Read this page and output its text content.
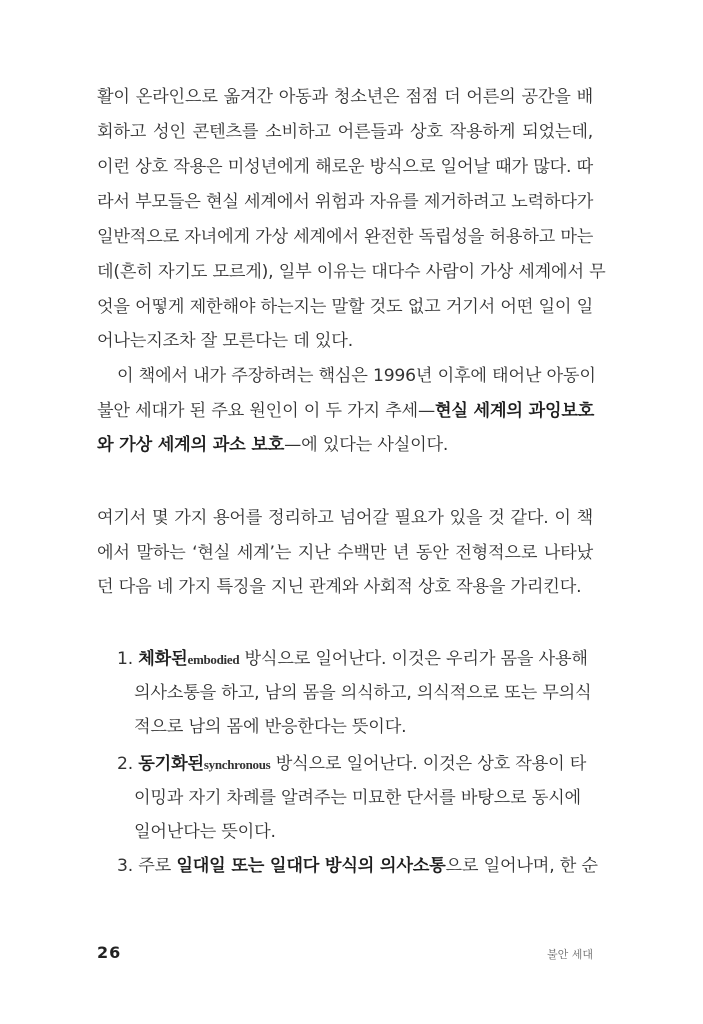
활이 온라인으로 옮겨간 아동과 청소년은 점점 더 어른의 공간을 배
회하고 성인 콘텐츠를 소비하고 어른들과 상호 작용하게 되었는데,
이런 상호 작용은 미성년에게 해로운 방식으로 일어날 때가 많다. 따
라서 부모들은 현실 세계에서 위험과 자유를 제거하려고 노력하다가
일반적으로 자녀에게 가상 세계에서 완전한 독립성을 허용하고 마는
데(흔히 자기도 모르게), 일부 이유는 대다수 사람이 가상 세계에서 무
엇을 어떻게 제한해야 하는지는 말할 것도 없고 거기서 어떤 일이 일
어나는지조차 잘 모른다는 데 있다.
이 책에서 내가 주장하려는 핵심은 1996년 이후에 태어난 아동이
불안 세대가 된 주요 원인이 이 두 가지 추세—현실 세계의 과잉보호
와 가상 세계의 과소 보호—에 있다는 사실이다.
여기서 몇 가지 용어를 정리하고 넘어갈 필요가 있을 것 같다. 이 책
에서 말하는 ‘현실 세계’는 지난 수백만 년 동안 전형적으로 나타났
던 다음 네 가지 특징을 지닌 관계와 사회적 상호 작용을 가리킨다.
1. 체화된embodied 방식으로 일어난다. 이것은 우리가 몸을 사용해
의사소통을 하고, 남의 몸을 의식하고, 의식적으로 또는 무의식
적으로 남의 몸에 반응한다는 뜻이다.
2. 동기화된synchronous 방식으로 일어난다. 이것은 상호 작용이 타
이밍과 자기 차례를 알려주는 미묘한 단서를 바탕으로 동시에
일어난다는 뜻이다.
3. 주로 일대일 또는 일대다 방식의 의사소통으로 일어나며, 한 순
26	불안 세대
